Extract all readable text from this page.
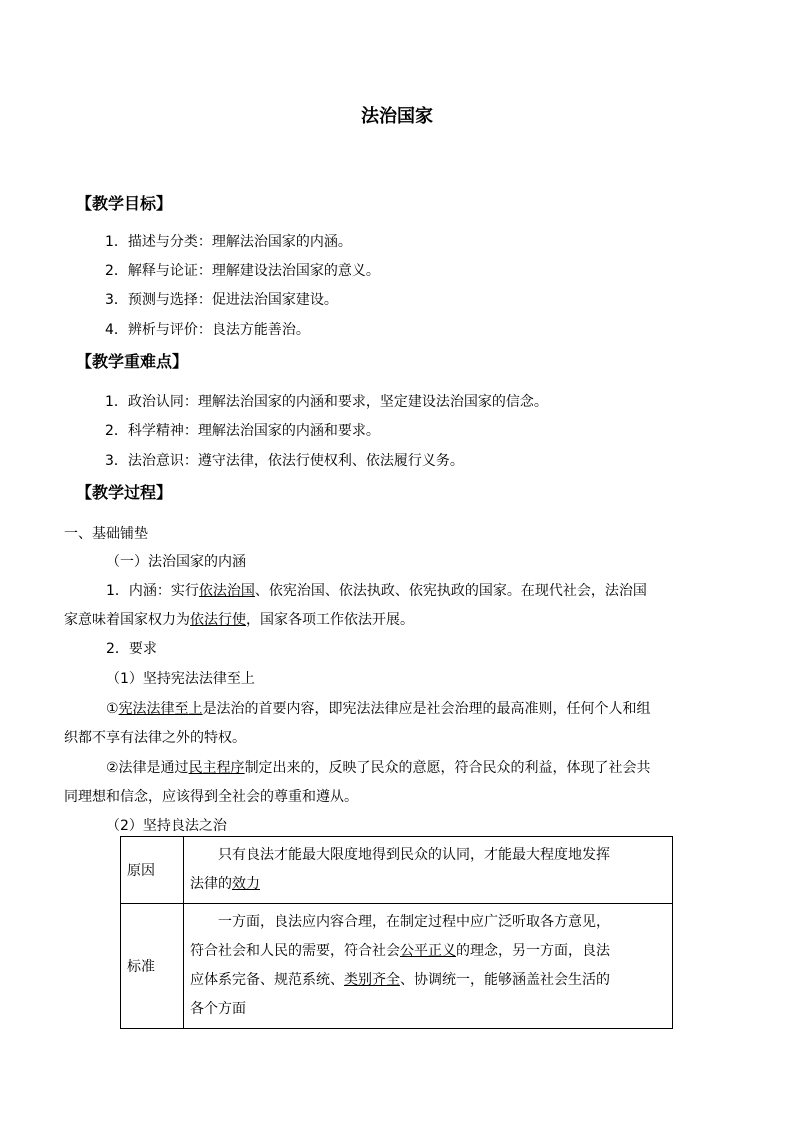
法治国家
【教学目标】
1．描述与分类：理解法治国家的内涵。
2．解释与论证：理解建设法治国家的意义。
3．预测与选择：促进法治国家建设。
4．辨析与评价：良法方能善治。
【教学重难点】
1．政治认同：理解法治国家的内涵和要求，坚定建设法治国家的信念。
2．科学精神：理解法治国家的内涵和要求。
3．法治意识：遵守法律，依法行使权利、依法履行义务。
【教学过程】
一、基础铺垫
（一）法治国家的内涵
1．内涵：实行依法治国、依宪治国、依法执政、依宪执政的国家。在现代社会，法治国
家意味着国家权力为依法行使，国家各项工作依法开展。
2．要求
（1）坚持宪法法律至上
①宪法法律至上是法治的首要内容，即宪法法律应是社会治理的最高准则，任何个人和组
织都不享有法律之外的特权。
②法律是通过民主程序制定出来的，反映了民众的意愿，符合民众的利益，体现了社会共
同理想和信念，应该得到全社会的尊重和遵从。
（2）坚持良法之治
原因	只有良法才能最大限度地得到民众的认同，才能最大程度地发挥
法律的效力

标准	一方面，良法应内容合理，在制定过程中应广泛听取各方意见，
符合社会和人民的需要，符合社会公平正义的理念，另一方面，良法
应体系完备、规范系统、类别齐全、协调统一，能够涵盖社会生活的
各个方面
